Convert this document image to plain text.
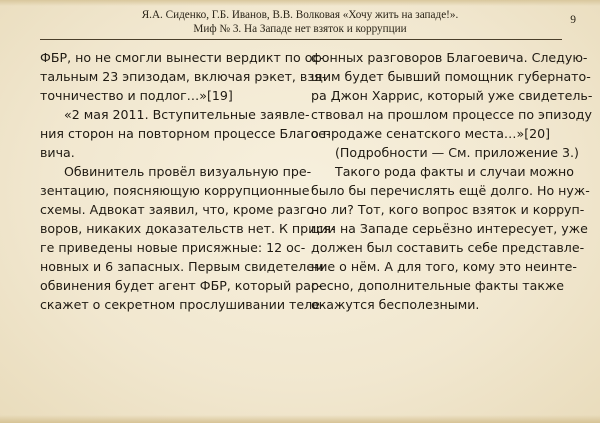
Я.А. Сиденко, Г.Б. Иванов, В.В. Волковая «Хочу жить на западе!».
Миф № 3. На Западе нет взяток и коррупции
9
ФБР, но не смогли вынести вердикт по ос-
тальным 23 эпизодам, включая рэкет, взя-
точничество и подлог…»[19]
«2 мая 2011. Вступительные заявле-
ния сторон на повторном процессе Благое-
вича.
Обвинитель провёл визуальную пре-
зентацию, поясняющую коррупционные
схемы. Адвокат заявил, что, кроме разго-
воров, никаких доказательств нет. К прися-
ге приведены новые присяжные: 12 ос-
новных и 6 запасных. Первым свидетелем
обвинения будет агент ФБР, который рас-
скажет о секретном прослушивании теле-
фонных разговоров Благоевича. Следую-
щим будет бывший помощник губернато-
ра Джон Харрис, который уже свидетель-
ствовал на прошлом процессе по эпизоду
о продаже сенатского места…»[20]
(Подробности — См. приложение 3.)
Такого рода факты и случаи можно
было бы перечислять ещё долго. Но нуж-
но ли? Тот, кого вопрос взяток и корруп-
ции на Западе серьёзно интересует, уже
должен был составить себе представле-
ние о нём. А для того, кому это неинте-
ресно, дополнительные факты также
окажутся бесполезными.
